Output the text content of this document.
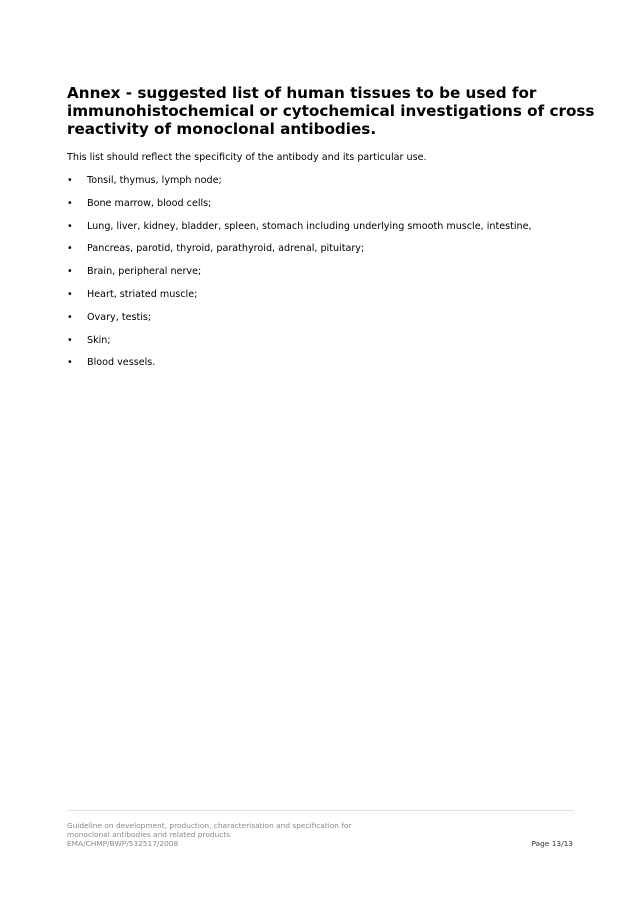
Annex - suggested list of human tissues to be used for
immunohistochemical or cytochemical investigations of cross
reactivity of monoclonal antibodies.

This list should reflect the specificity of the antibody and its particular use.

• Tonsil, thymus, lymph node;
• Bone marrow, blood cells;
• Lung, liver, kidney, bladder, spleen, stomach including underlying smooth muscle, intestine,
• Pancreas, parotid, thyroid, parathyroid, adrenal, pituitary;
• Brain, peripheral nerve;
• Heart, striated muscle;
• Ovary, testis;
• Skin;
• Blood vessels.
Guideline on development, production, characterisation and specification for
monoclonal antibodies and related products
EMA/CHMP/BWP/532517/2008	Page 13/13
